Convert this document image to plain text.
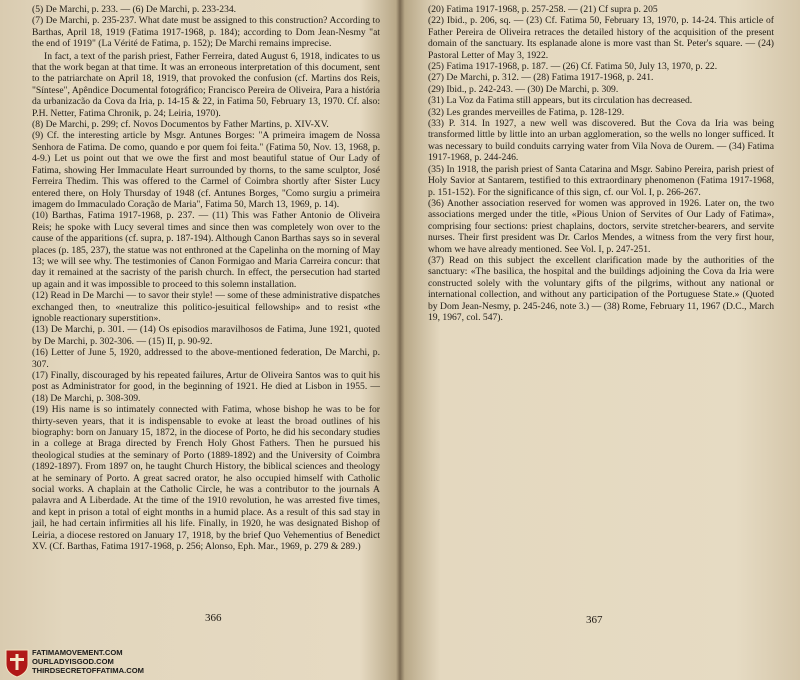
(5) De Marchi, p. 233. — (6) De Marchi, p. 233-234.

(7) De Marchi, p. 235-237. What date must be assigned to this construction? According to Barthas, April 18, 1919 (Fatima 1917-1968, p. 184); according to Dom Jean-Nesmy "at the end of 1919" (La Vérité de Fatima, p. 152); De Marchi remains imprecise.

In fact, a text of the parish priest, Father Ferreira, dated August 6, 1918, indicates to us that the work began at that time. It was an erroneous interpretation of this document, sent to the patriarchate on April 18, 1919, that provoked the confusion (cf. Martins dos Reis, "Síntese", Apêndice Documental fotográfico; Francisco Pereira de Oliveira, Para a história da urbanizacão da Cova da Iria, p. 14-15 & 22, in Fatima 50, February 13, 1970. Cf. also: P.H. Netter, Fatima Chronik, p. 24; Leiria, 1970).

(8) De Marchi, p. 299; cf. Novos Documentos by Father Martins, p. XIV-XV.

(9) Cf. the interesting article by Msgr. Antunes Borges: "A primeira imagem de Nossa Senhora de Fatima. De como, quando e por quem foi feita." (Fatima 50, Nov. 13, 1968, p. 4-9.) Let us point out that we owe the first and most beautiful statue of Our Lady of Fatima, showing Her Immaculate Heart surrounded by thorns, to the same sculptor, José Ferreira Thedim. This was offered to the Carmel of Coimbra shortly after Sister Lucy entered there, on Holy Thursday of 1948 (cf. Antunes Borges, "Como surgiu a primeira imagem do Immaculado Coração de Maria", Fatima 50, March 13, 1969, p. 14).

(10) Barthas, Fatima 1917-1968, p. 237. — (11) This was Father Antonio de Oliveira Reis; he spoke with Lucy several times and since then was completely won over to the cause of the apparitions (cf. supra, p. 187-194). Although Canon Barthas says so in several places (p. 185, 237), the statue was not enthroned at the Capelinha on the morning of May 13; we will see why. The testimonies of Canon Formigao and Maria Carreira concur: that day it remained at the sacristy of the parish church. In effect, the persecution had started up again and it was impossible to proceed to this solemn installation.

(12) Read in De Marchi — to savor their style! — some of these administrative dispatches exchanged then, to «neutralize this politico-jesuitical fellowship» and to resist «the ignoble reactionary superstition».

(13) De Marchi, p. 301. — (14) Os episodios maravilhosos de Fatima, June 1921, quoted by De Marchi, p. 302-306. — (15) II, p. 90-92.

(16) Letter of June 5, 1920, addressed to the above-mentioned federation, De Marchi, p. 307.

(17) Finally, discouraged by his repeated failures, Artur de Oliveira Santos was to quit his post as Administrator for good, in the beginning of 1921. He died at Lisbon in 1955. — (18) De Marchi, p. 308-309.

(19) His name is so intimately connected with Fatima, whose bishop he was to be for thirty-seven years, that it is indispensable to evoke at least the broad outlines of his biography: born on January 15, 1872, in the diocese of Porto, he did his secondary studies in a college at Braga directed by French Holy Ghost Fathers. Then he pursued his theological studies at the seminary of Porto (1889-1892) and the University of Coimbra (1892-1897). From 1897 on, he taught Church History, the biblical sciences and theology at he seminary of Porto. A great sacred orator, he also occupied himself with Catholic social works. A chaplain at the Catholic Circle, he was a contributor to the journals A palavra and A Liberdade. At the time of the 1910 revolution, he was arrested five times, and kept in prison a total of eight months in a humid place. As a result of this sad stay in jail, he had certain infirmities all his life. Finally, in 1920, he was designated Bishop of Leiria, a diocese restored on January 17, 1918, by the brief Quo Vehementius of Benedict XV. (Cf. Barthas, Fatima 1917-1968, p. 256; Alonso, Eph. Mar., 1969, p. 279 & 289.)

366

(20) Fatima 1917-1968, p. 257-258. — (21) Cf supra p. 205

(22) Ibid., p. 206, sq. — (23) Cf. Fatima 50, February 13, 1970, p. 14-24. This article of Father Pereira de Oliveira retraces the detailed history of the acquisition of the present domain of the sanctuary. Its esplanade alone is more vast than St. Peter's square. — (24) Pastoral Letter of May 3, 1922.

(25) Fatima 1917-1968, p. 187. — (26) Cf. Fatima 50, July 13, 1970, p. 22.

(27) De Marchi, p. 312. — (28) Fatima 1917-1968, p. 241.

(29) Ibid., p. 242-243. — (30) De Marchi, p. 309.

(31) La Voz da Fatima still appears, but its circulation has decreased.

(32) Les grandes merveilles de Fatima, p. 128-129.

(33) P. 314. In 1927, a new well was discovered. But the Cova da Iria was being transformed little by little into an urban agglomeration, so the wells no longer sufficed. It was necessary to build conduits carrying water from Vila Nova de Ourem. — (34) Fatima 1917-1968, p. 244-246.

(35) In 1918, the parish priest of Santa Catarina and Msgr. Sabino Pereira, parish priest of Holy Savior at Santarem, testified to this extraordinary phenomenon (Fatima 1917-1968, p. 151-152). For the significance of this sign, cf. our Vol. I, p. 266-267.

(36) Another association reserved for women was approved in 1926. Later on, the two associations merged under the title, «Pious Union of Servites of Our Lady of Fatima», comprising four sections: priest chaplains, doctors, servite stretcher-bearers, and servite nurses. Their first president was Dr. Carlos Mendes, a witness from the very first hour, whom we have already mentioned. See Vol. I, p. 247-251.

(37) Read on this subject the excellent clarification made by the authorities of the sanctuary: «The basilica, the hospital and the buildings adjoining the Cova da Iria were constructed solely with the voluntary gifts of the pilgrims, without any national or international collection, and without any participation of the Portuguese State.» (Quoted by Dom Jean-Nesmy, p. 245-246, note 3.) — (38) Rome, February 11, 1967 (D.C., March 19, 1967, col. 547).

367
FATIMAMOVEMENT.COM
OURLADYISGOD.COM
THIRDSECRETOFFATIMA.COM
